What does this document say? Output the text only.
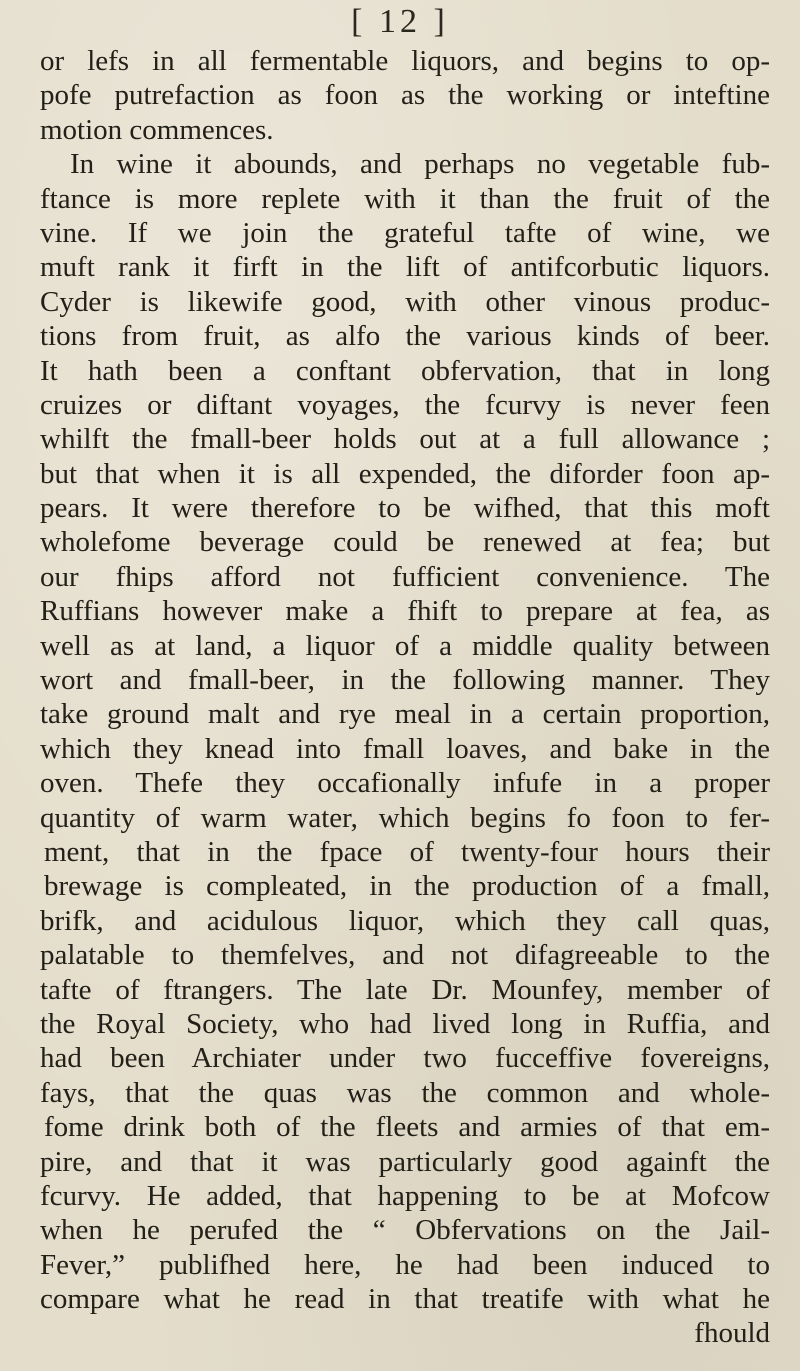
[ 12 ]
or lefs in all fermentable liquors, and begins to op-
pofe putrefaction as foon as the working or inteftine
motion commences.
In wine it abounds, and perhaps no vegetable fub-
ftance is more replete with it than the fruit of the
vine. If we join the grateful tafte of wine, we
muft rank it firft in the lift of antifcorbutic liquors.
Cyder is likewife good, with other vinous produc-
tions from fruit, as alfo the various kinds of beer.
It hath been a conftant obfervation, that in long
cruizes or diftant voyages, the fcurvy is never feen
whilft the fmall-beer holds out at a full allowance ;
but that when it is all expended, the diforder foon ap-
pears. It were therefore to be wifhed, that this moft
wholefome beverage could be renewed at fea; but
our fhips afford not fufficient convenience. The
Ruffians however make a fhift to prepare at fea, as
well as at land, a liquor of a middle quality between
wort and fmall-beer, in the following manner. They
take ground malt and rye meal in a certain proportion,
which they knead into fmall loaves, and bake in the
oven. Thefe they occafionally infufe in a proper
quantity of warm water, which begins fo foon to fer-
ment, that in the fpace of twenty-four hours their
brewage is compleated, in the production of a fmall,
brifk, and acidulous liquor, which they call quas,
palatable to themfelves, and not difagreeable to the
tafte of ftrangers. The late Dr. Mounfey, member of
the Royal Society, who had lived long in Ruffia, and
had been Archiater under two fucceffive fovereigns,
fays, that the quas was the common and whole-
fome drink both of the fleets and armies of that em-
pire, and that it was particularly good againft the
fcurvy. He added, that happening to be at Mofcow
when he perufed the “ Obfervations on the Jail-
Fever,” publifhed here, he had been induced to
compare what he read in that treatife with what he
fhould
